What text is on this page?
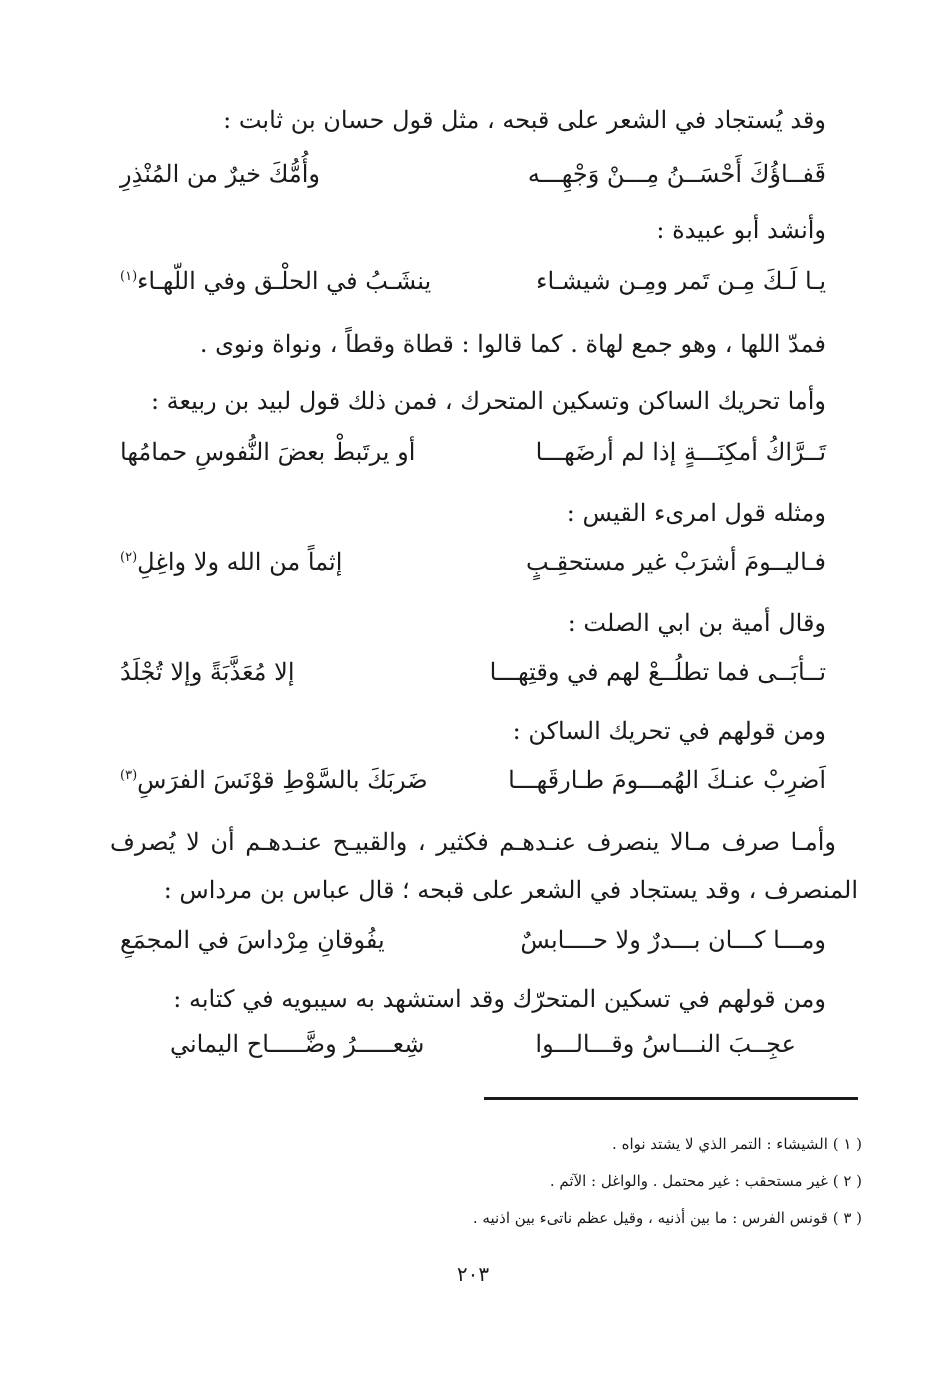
وقد يُستجاد في الشعر على قبحه ، مثل قول حسان بن ثابت :
قَفــاؤُكَ أَحْسَــنُ مِـــنْ وَجْهِـــه
وأُمُّكَ خيرٌ من المُنْذِرِ
وأنشد أبو عبيدة :
يـا لَـكَ مِـن تَمر ومِـن شيشـاء
ينشَـبُ في الحلْـق وفي اللّهـاء$^{(١)}$
فمدّ اللها ، وهو جمع لهاة . كما قالوا : قطاة وقطاً ، ونواة ونوى .
وأما تحريك الساكن وتسكين المتحرك ، فمن ذلك قول لبيد بن ربيعة :
تَــرَّاكُ أمكِنَـــةٍ إذا لم أرضَهـــا
أو يرتَبطْ بعضَ النُّفوسِ حمامُها
ومثله قول امرىء القيس :
فـاليــومَ أشرَبْ غير مستحقِـبٍ
إثماً من الله ولا واغِلِ$^{(٢)}$
وقال أمية بن ابي الصلت :
تــأبَــى فما تطلُــعْ لهم في وقتِهـــا
إلا مُعَذَّبَةً وإلا تُجْلَدُ
ومن قولهم في تحريك الساكن :
اَضرِبْ عنـكَ الهُمـــومَ طـارقَهـــا
ضَربَكَ بالسَّوْطِ قوْنَسَ الفرَسِ$^{(٣)}$
وأمـا صرف مـالا ينصرف عنـدهـم فكثير ، والقبيـح عنـدهـم أن لا يُصرف
المنصرف ، وقد يستجاد في الشعر على قبحه ؛ قال عباس بن مرداس :
ومـــا كـــان بـــدرٌ ولا حــــابسٌ
يفُوقانِ مِرْداسَ في المجمَعِ
ومن قولهم في تسكين المتحرّك وقد استشهد به سيبويه في كتابه :
عجِــبَ النـــاسُ وقـــالـــوا
شِعـــــرُ وضَّـــــاح اليماني
( ١ ) الشيشاء : التمر الذي لا يشتد نواه .
( ٢ ) غير مستحقب : غير محتمل . والواغل : الآثم .
( ٣ ) قونس الفرس : ما بين أذنيه ، وقيل عظم ناتىء بين اذنيه .
٢٠٣
